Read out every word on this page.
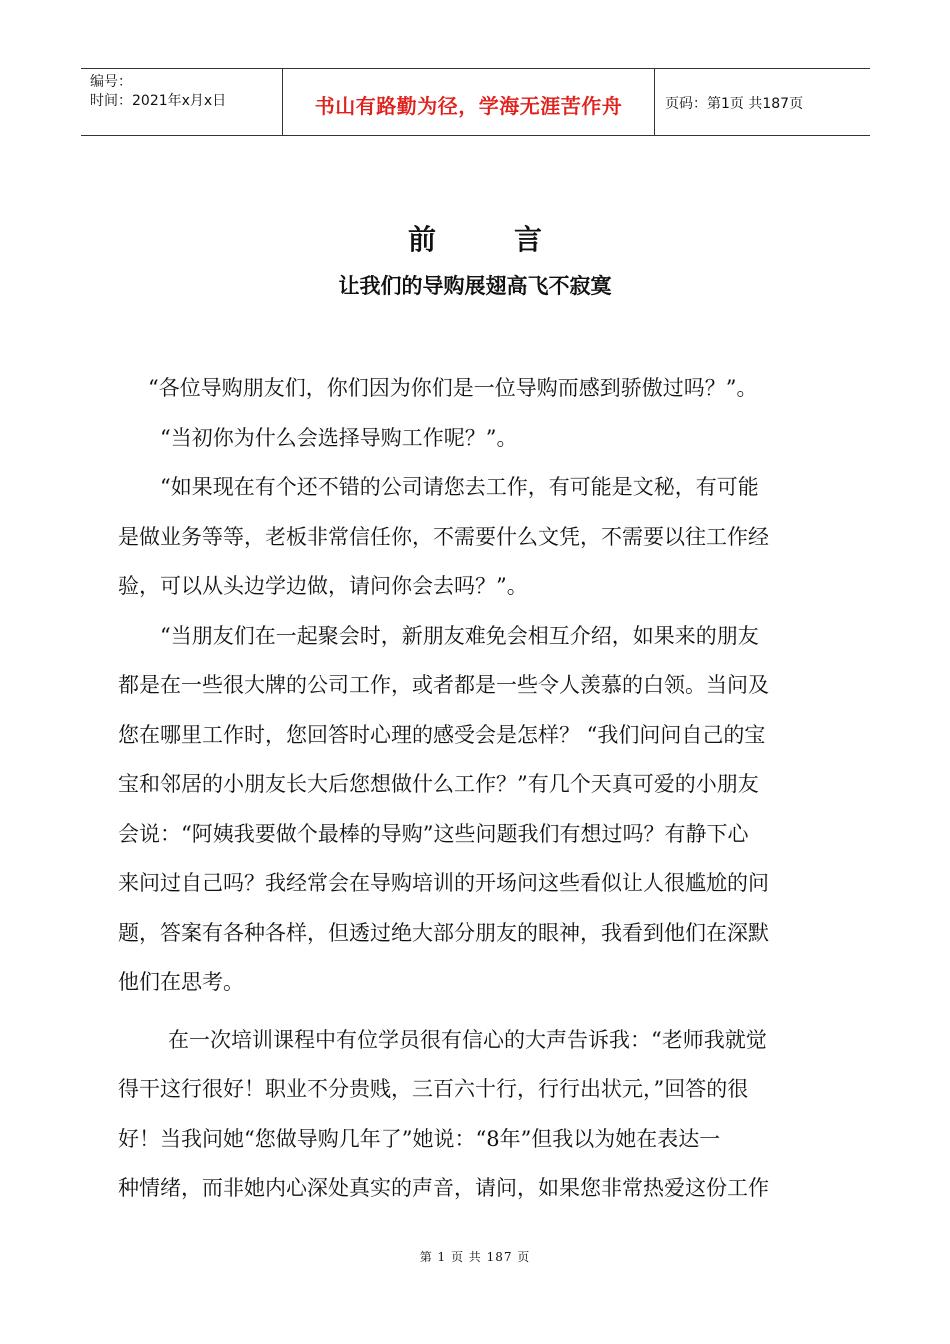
编号：
时间：2021年x月x日	书山有路勤为径，学海无涯苦作舟	页码：第1页 共187页
前言
让我们的导购展翅高飞不寂寞
“各位导购朋友们，你们因为你们是一位导购而感到骄傲过吗？”。
“当初你为什么会选择导购工作呢？”。
“如果现在有个还不错的公司请您去工作，有可能是文秘，有可能
是做业务等等，老板非常信任你，不需要什么文凭，不需要以往工作经
验，可以从头边学边做，请问你会去吗？”。
“当朋友们在一起聚会时，新朋友难免会相互介绍，如果来的朋友
都是在一些很大牌的公司工作，或者都是一些令人羡慕的白领。当问及
您在哪里工作时，您回答时心理的感受会是怎样？ “我们问问自己的宝
宝和邻居的小朋友长大后您想做什么工作？”有几个天真可爱的小朋友
会说：“阿姨我要做个最棒的导购”这些问题我们有想过吗？有静下心
来问过自己吗？我经常会在导购培训的开场问这些看似让人很尴尬的问
题，答案有各种各样，但透过绝大部分朋友的眼神，我看到他们在深默
他们在思考。
在一次培训课程中有位学员很有信心的大声告诉我：“老师我就觉
得干这行很好！职业不分贵贱，三百六十行，行行出状元，”回答的很
好！当我问她“您做导购几年了”她说：“8年”但我以为她在表达一
种情绪，而非她内心深处真实的声音，请问，如果您非常热爱这份工作
第 1 页 共 187 页
